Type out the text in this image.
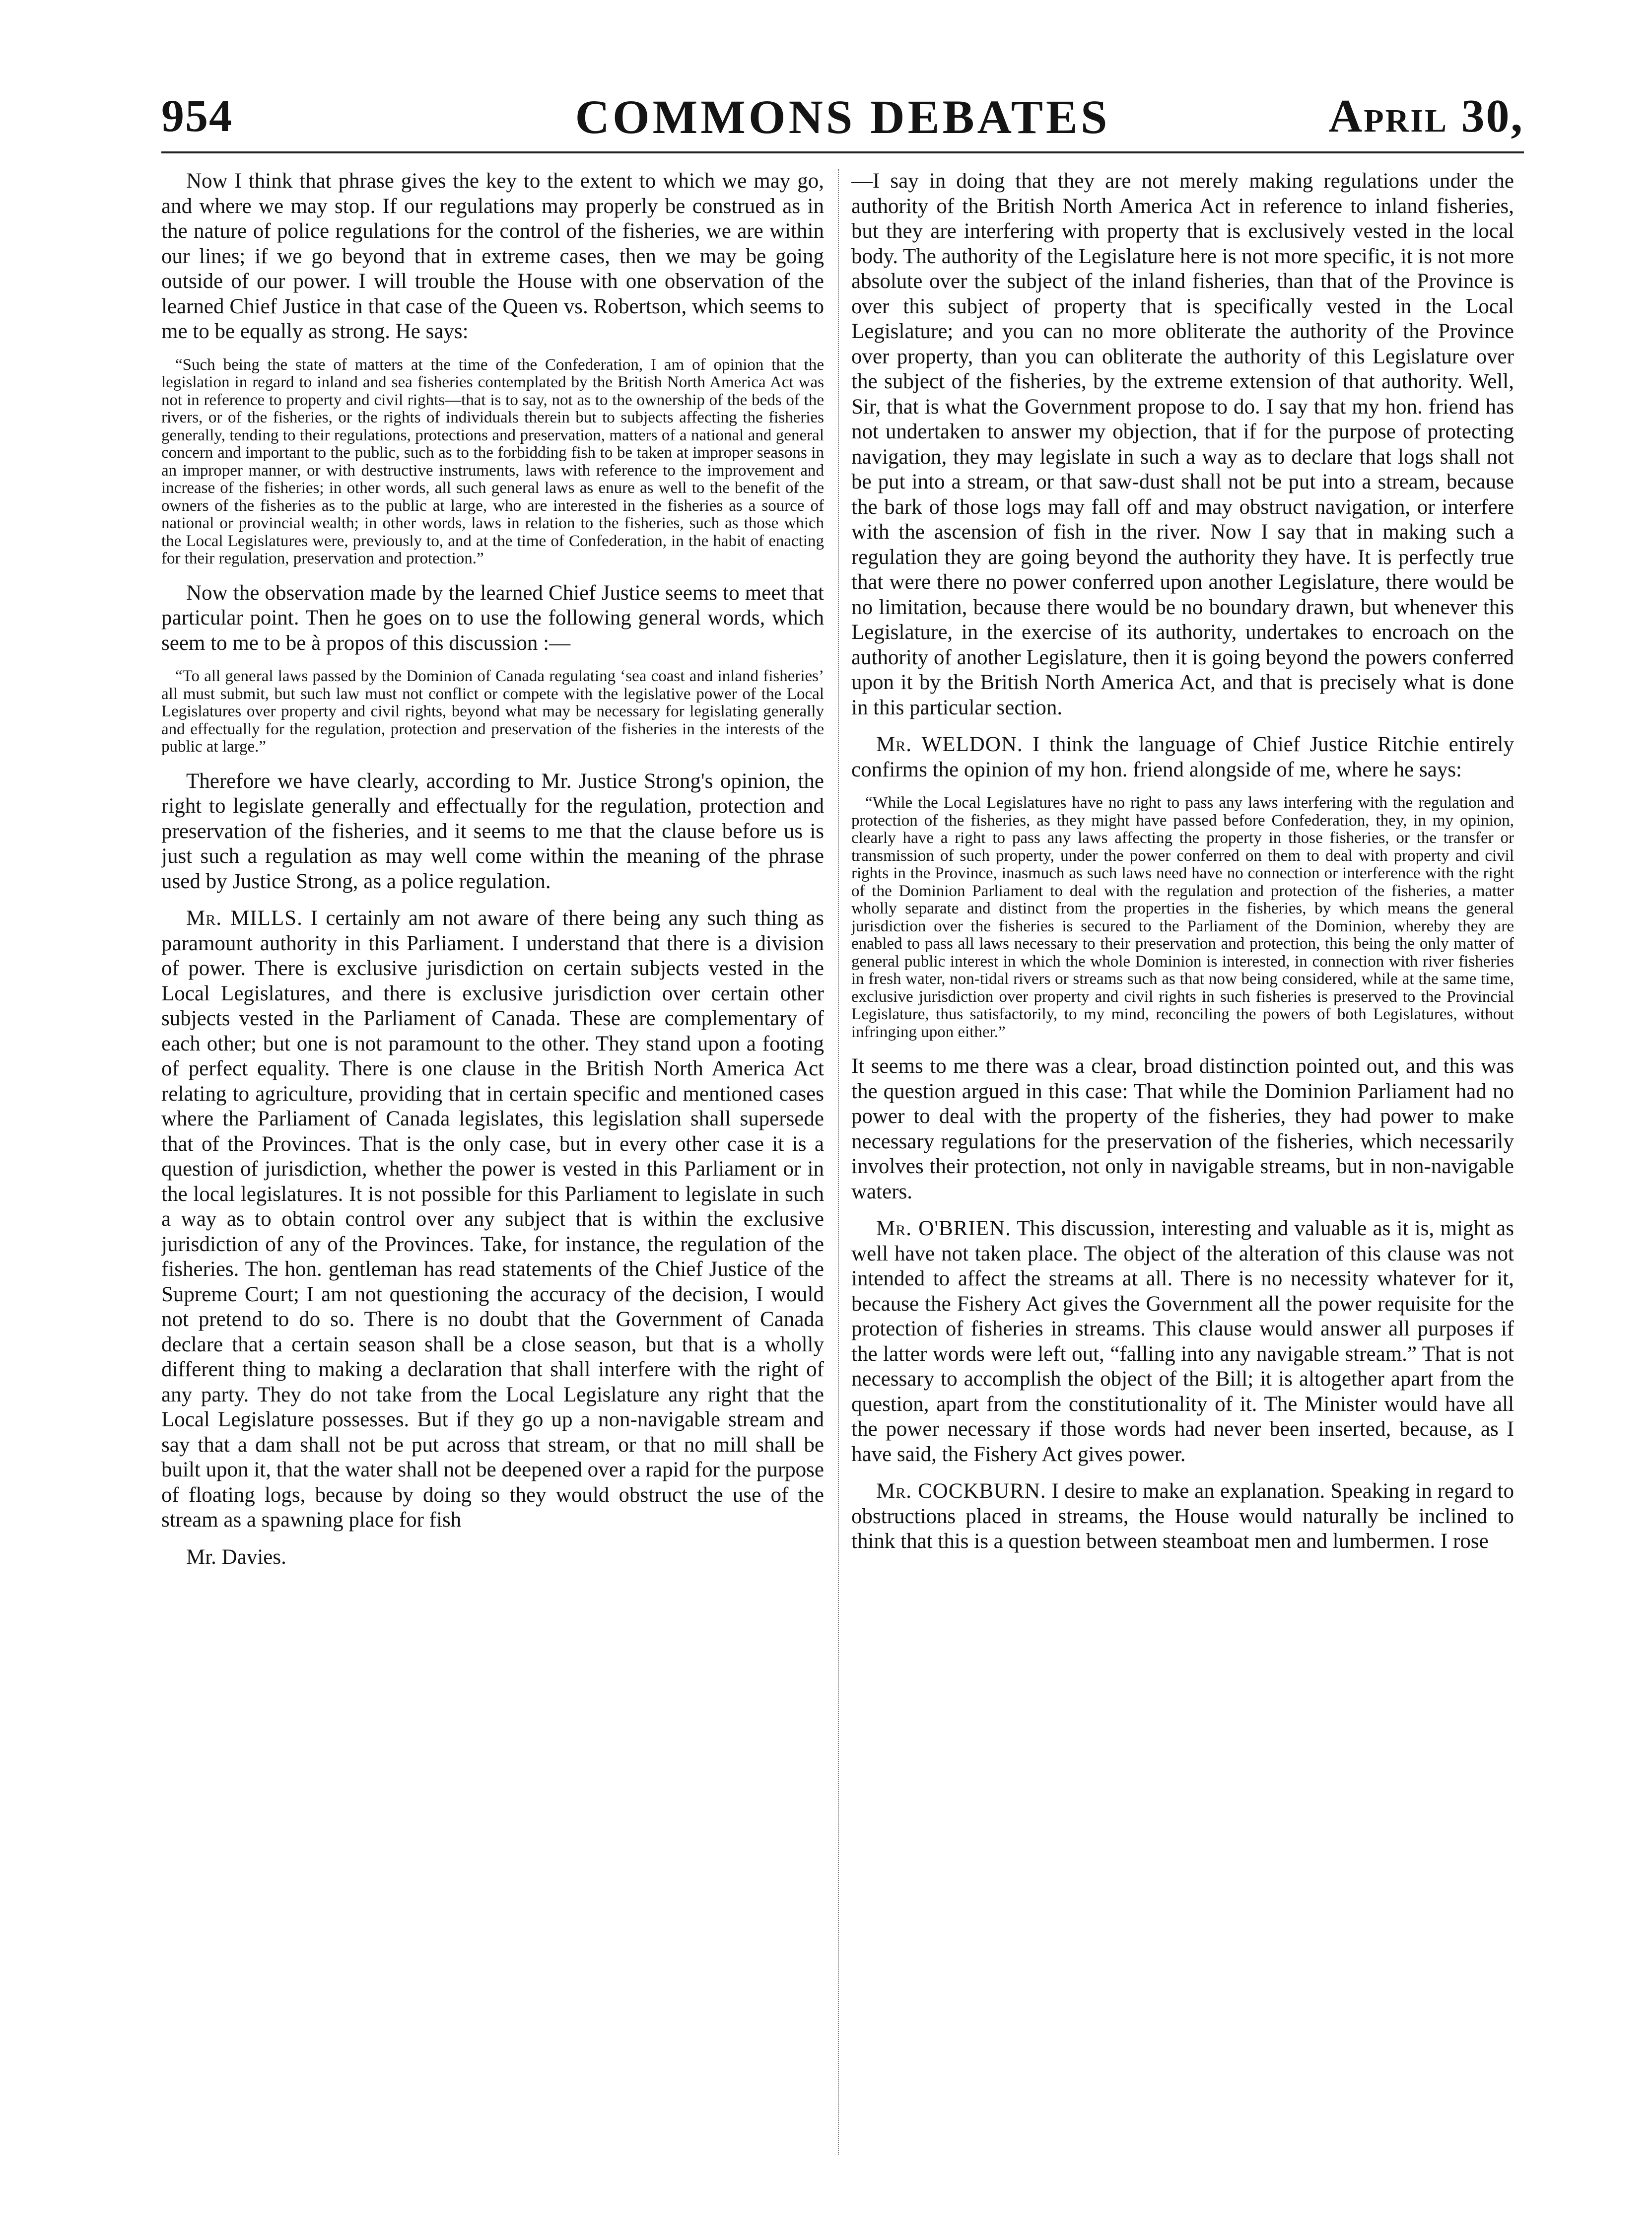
954	COMMONS DEBATES	April 30,

Now I think that phrase gives the key to the extent to which we may go, and where we may stop. If our regulations may properly be construed as in the nature of police regulations for the control of the fisheries, we are within our lines; if we go beyond that in extreme cases, then we may be going outside of our power. I will trouble the House with one observation of the learned Chief Justice in that case of the Queen vs. Robertson, which seems to me to be equally as strong. He says:

“Such being the state of matters at the time of the Confederation, I am of opinion that the legislation in regard to inland and sea fisheries contemplated by the British North America Act was not in reference to property and civil rights—that is to say, not as to the ownership of the beds of the rivers, or of the fisheries, or the rights of individuals therein but to subjects affecting the fisheries generally, tending to their regulations, protections and preservation, matters of a national and general concern and important to the public, such as to the forbidding fish to be taken at improper seasons in an improper manner, or with destructive instruments, laws with reference to the improvement and increase of the fisheries; in other words, all such general laws as enure as well to the benefit of the owners of the fisheries as to the public at large, who are interested in the fisheries as a source of national or provincial wealth; in other words, laws in relation to the fisheries, such as those which the Local Legislatures were, previously to, and at the time of Confederation, in the habit of enacting for their regulation, preservation and protection.”

Now the observation made by the learned Chief Justice seems to meet that particular point. Then he goes on to use the following general words, which seem to me to be à propos of this discussion :—

“To all general laws passed by the Dominion of Canada regulating ‘sea coast and inland fisheries’ all must submit, but such law must not conflict or compete with the legislative power of the Local Legislatures over property and civil rights, beyond what may be necessary for legislating generally and effectually for the regulation, protection and preservation of the fisheries in the interests of the public at large.”

Therefore we have clearly, according to Mr. Justice Strong's opinion, the right to legislate generally and effectually for the regulation, protection and preservation of the fisheries, and it seems to me that the clause before us is just such a regulation as may well come within the meaning of the phrase used by Justice Strong, as a police regulation.

Mr. MILLS. I certainly am not aware of there being any such thing as paramount authority in this Parliament. I understand that there is a division of power. There is exclusive jurisdiction on certain subjects vested in the Local Legislatures, and there is exclusive jurisdiction over certain other subjects vested in the Parliament of Canada. These are complementary of each other; but one is not paramount to the other. They stand upon a footing of perfect equality. There is one clause in the British North America Act relating to agriculture, providing that in certain specific and mentioned cases where the Parliament of Canada legislates, this legislation shall supersede that of the Provinces. That is the only case, but in every other case it is a question of jurisdiction, whether the power is vested in this Parliament or in the local legislatures. It is not possible for this Parliament to legislate in such a way as to obtain control over any subject that is within the exclusive jurisdiction of any of the Provinces. Take, for instance, the regulation of the fisheries. The hon. gentleman has read statements of the Chief Justice of the Supreme Court; I am not questioning the accuracy of the decision, I would not pretend to do so. There is no doubt that the Government of Canada declare that a certain season shall be a close season, but that is a wholly different thing to making a declaration that shall interfere with the right of any party. They do not take from the Local Legislature any right that the Local Legislature possesses. But if they go up a non-navigable stream and say that a dam shall not be put across that stream, or that no mill shall be built upon it, that the water shall not be deepened over a rapid for the purpose of floating logs, because by doing so they would obstruct the use of the stream as a spawning place for fish

Mr. Davies.

—I say in doing that they are not merely making regulations under the authority of the British North America Act in reference to inland fisheries, but they are interfering with property that is exclusively vested in the local body. The authority of the Legislature here is not more specific, it is not more absolute over the subject of the inland fisheries, than that of the Province is over this subject of property that is specifically vested in the Local Legislature; and you can no more obliterate the authority of the Province over property, than you can obliterate the authority of this Legislature over the subject of the fisheries, by the extreme extension of that authority. Well, Sir, that is what the Government propose to do. I say that my hon. friend has not undertaken to answer my objection, that if for the purpose of protecting navigation, they may legislate in such a way as to declare that logs shall not be put into a stream, or that saw-dust shall not be put into a stream, because the bark of those logs may fall off and may obstruct navigation, or interfere with the ascension of fish in the river. Now I say that in making such a regulation they are going beyond the authority they have. It is perfectly true that were there no power conferred upon another Legislature, there would be no limitation, because there would be no boundary drawn, but whenever this Legislature, in the exercise of its authority, undertakes to encroach on the authority of another Legislature, then it is going beyond the powers conferred upon it by the British North America Act, and that is precisely what is done in this particular section.

Mr. WELDON. I think the language of Chief Justice Ritchie entirely confirms the opinion of my hon. friend alongside of me, where he says:

“While the Local Legislatures have no right to pass any laws interfering with the regulation and protection of the fisheries, as they might have passed before Confederation, they, in my opinion, clearly have a right to pass any laws affecting the property in those fisheries, or the transfer or transmission of such property, under the power conferred on them to deal with property and civil rights in the Province, inasmuch as such laws need have no connection or interference with the right of the Dominion Parliament to deal with the regulation and protection of the fisheries, a matter wholly separate and distinct from the properties in the fisheries, by which means the general jurisdiction over the fisheries is secured to the Parliament of the Dominion, whereby they are enabled to pass all laws necessary to their preservation and protection, this being the only matter of general public interest in which the whole Dominion is interested, in connection with river fisheries in fresh water, non-tidal rivers or streams such as that now being considered, while at the same time, exclusive jurisdiction over property and civil rights in such fisheries is preserved to the Provincial Legislature, thus satisfactorily, to my mind, reconciling the powers of both Legislatures, without infringing upon either.”

It seems to me there was a clear, broad distinction pointed out, and this was the question argued in this case: That while the Dominion Parliament had no power to deal with the property of the fisheries, they had power to make necessary regulations for the preservation of the fisheries, which necessarily involves their protection, not only in navigable streams, but in non-navigable waters.

Mr. O'BRIEN. This discussion, interesting and valuable as it is, might as well have not taken place. The object of the alteration of this clause was not intended to affect the streams at all. There is no necessity whatever for it, because the Fishery Act gives the Government all the power requisite for the protection of fisheries in streams. This clause would answer all purposes if the latter words were left out, “falling into any navigable stream.” That is not necessary to accomplish the object of the Bill; it is altogether apart from the question, apart from the constitutionality of it. The Minister would have all the power necessary if those words had never been inserted, because, as I have said, the Fishery Act gives power.

Mr. COCKBURN. I desire to make an explanation. Speaking in regard to obstructions placed in streams, the House would naturally be inclined to think that this is a question between steamboat men and lumbermen. I rose
